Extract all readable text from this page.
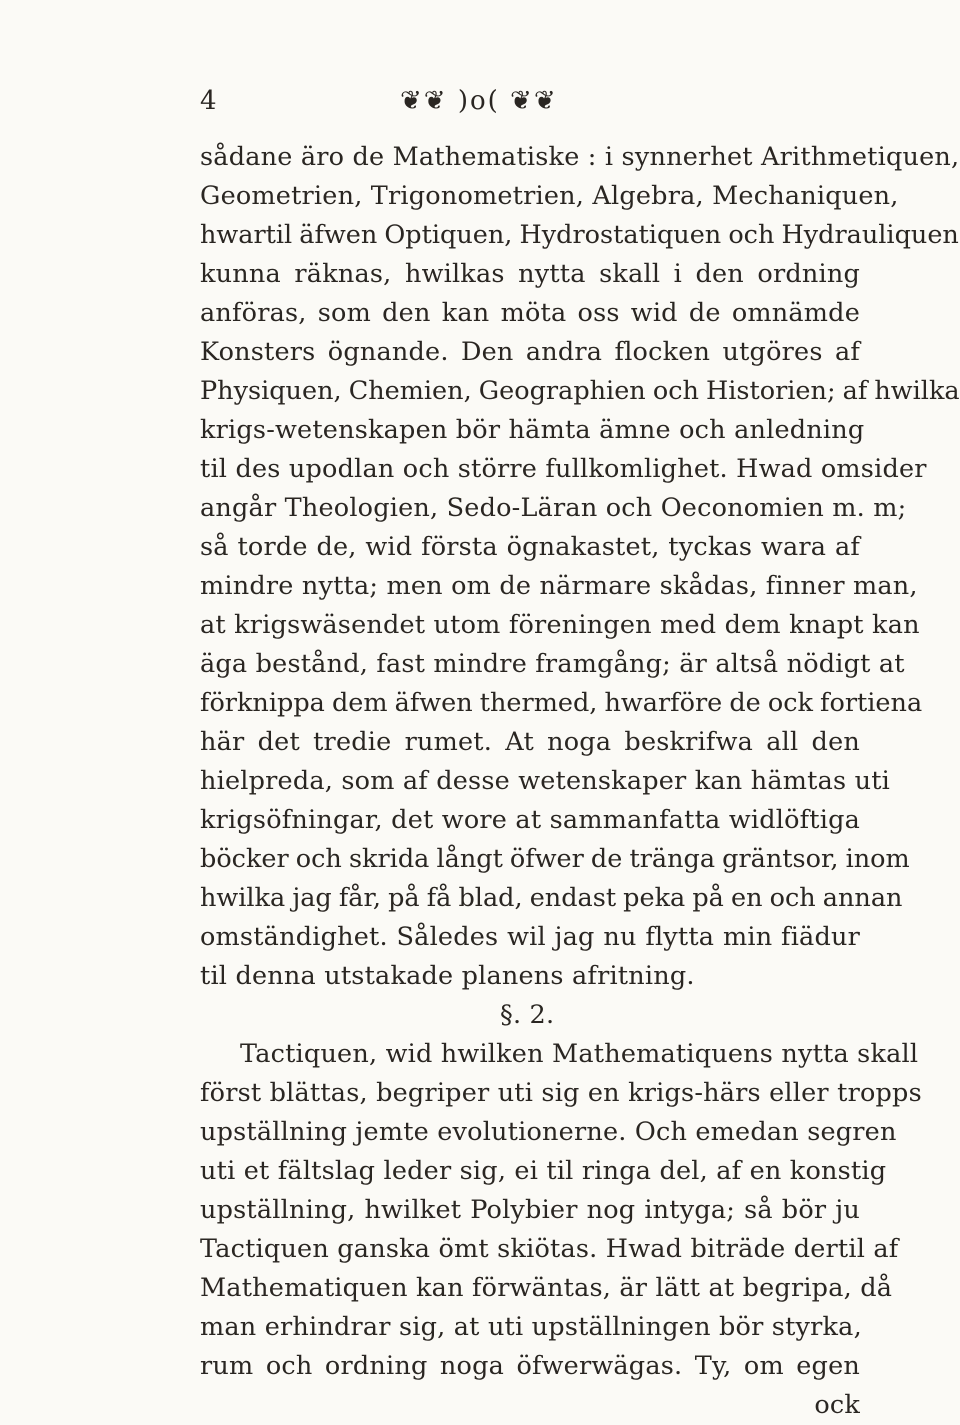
4	❦❦ )o( ❦❦
sådane äro de Mathematiske : i synnerhet Arithmetiquen,
Geometrien, Trigonometrien, Algebra, Mechaniquen,
hwartil äfwen Optiquen, Hydrostatiquen och Hydrauliquen
kunna räknas, hwilkas nytta skall i den ordning
anföras, som den kan möta oss wid de omnämde
Konsters ögnande. Den andra flocken utgöres af
Physiquen, Chemien, Geographien och Historien; af hwilka
krigs-wetenskapen bör hämta ämne och anledning
til des upodlan och större fullkomlighet. Hwad omsider
angår Theologien, Sedo-Läran och Oeconomien m. m;
så torde de, wid första ögnakastet, tyckas wara af
mindre nytta; men om de närmare skådas, finner man,
at krigswäsendet utom föreningen med dem knapt kan
äga bestånd, fast mindre framgång; är altså nödigt at
förknippa dem äfwen thermed, hwarföre de ock fortiena
här det tredie rumet. At noga beskrifwa all den
hielpreda, som af desse wetenskaper kan hämtas uti
krigsöfningar, det wore at sammanfatta widlöftiga
böcker och skrida långt öfwer de tränga gräntsor, inom
hwilka jag får, på få blad, endast peka på en och annan
omständighet. Således wil jag nu flytta min fiädur
til denna utstakade planens afritning.
§. 2.
Tactiquen, wid hwilken Mathematiquens nytta skall
först blättas, begriper uti sig en krigs-härs eller tropps
upställning jemte evolutionerne. Och emedan segren
uti et fältslag leder sig, ei til ringa del, af en konstig
upställning, hwilket Polybier nog intyga; så bör ju
Tactiquen ganska ömt skiötas. Hwad biträde dertil af
Mathematiquen kan förwäntas, är lätt at begripa, då
man erhindrar sig, at uti upställningen bör styrka,
rum och ordning noga öfwerwägas. Ty, om egen
ock
